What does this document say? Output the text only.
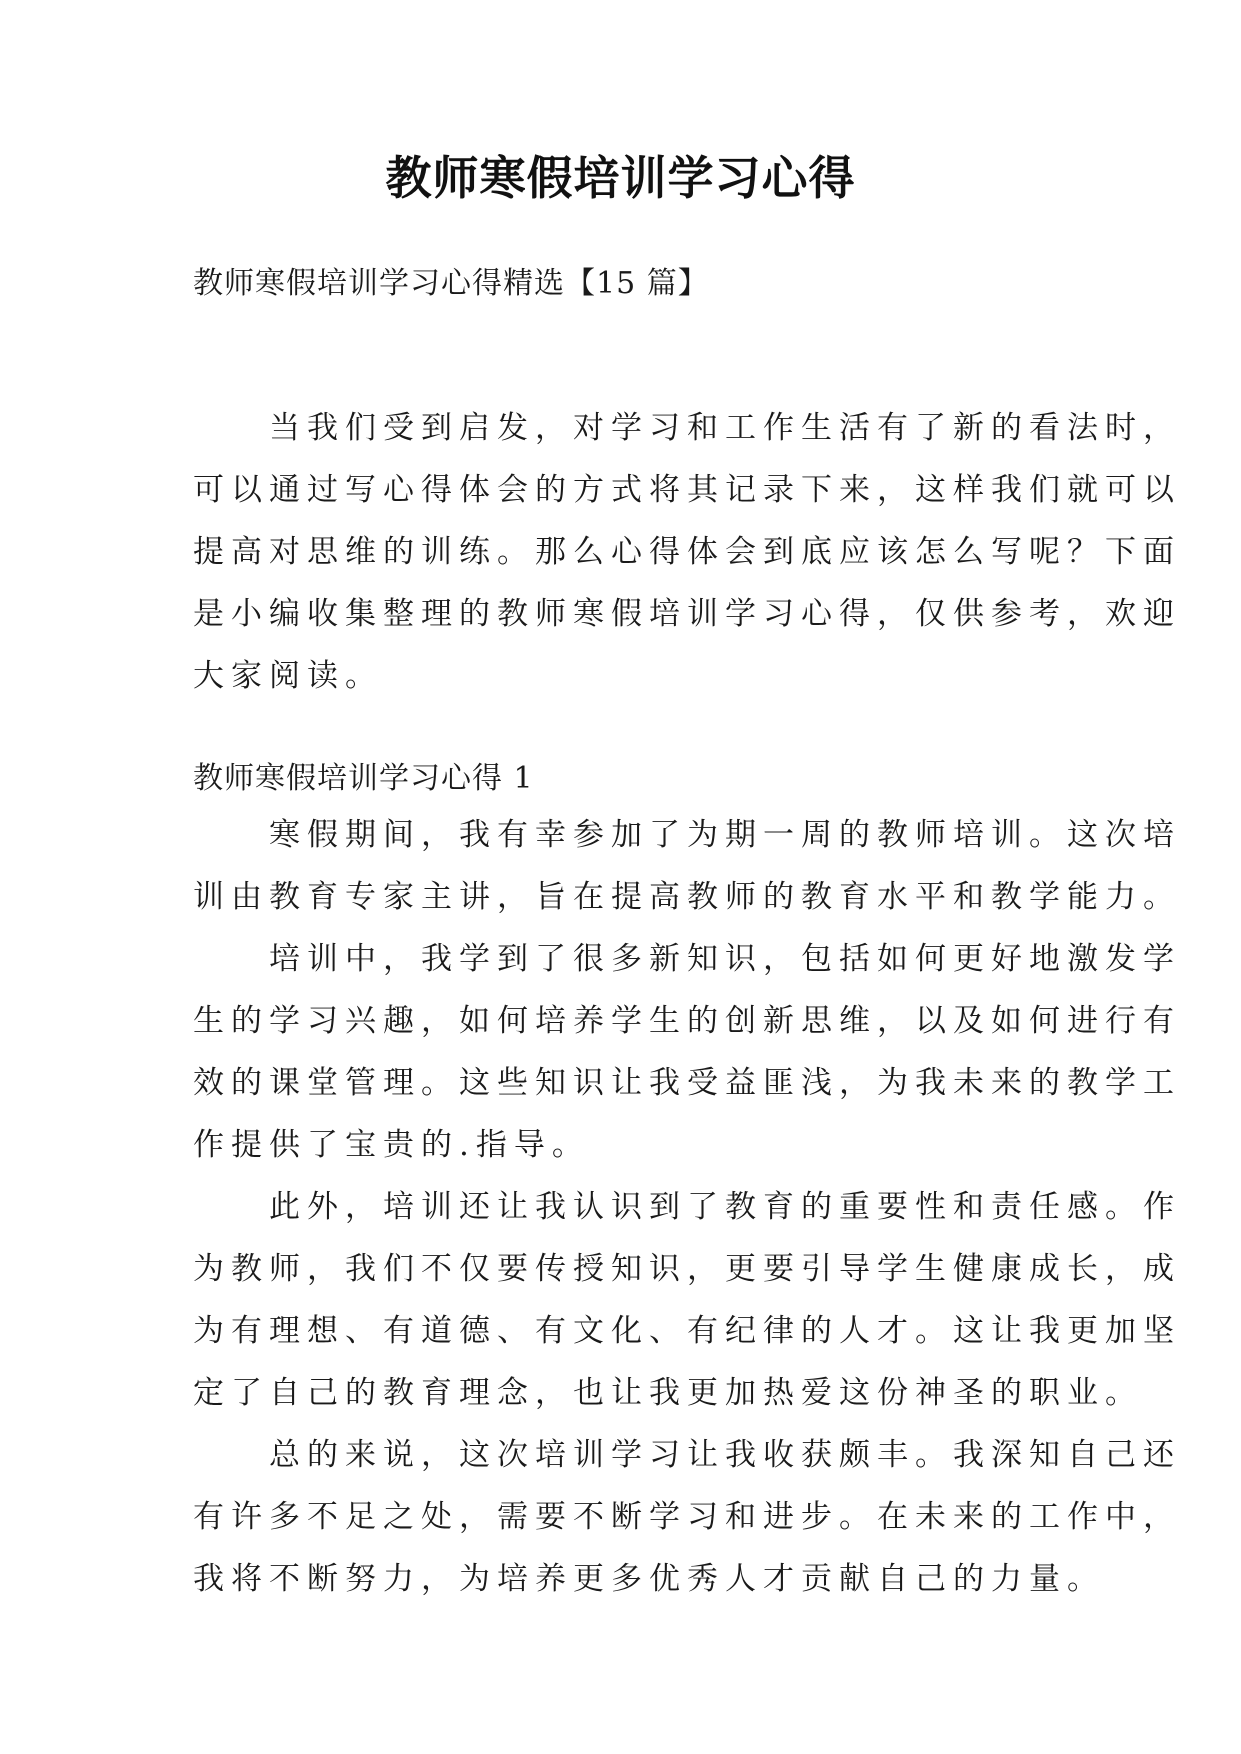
教师寒假培训学习心得
教师寒假培训学习心得精选【15 篇】
　　当我们受到启发，对学习和工作生活有了新的看法时，
可以通过写心得体会的方式将其记录下来，这样我们就可以
提高对思维的训练。那么心得体会到底应该怎么写呢？下面
是小编收集整理的教师寒假培训学习心得，仅供参考，欢迎
大家阅读。
教师寒假培训学习心得 1
　　寒假期间，我有幸参加了为期一周的教师培训。这次培
训由教育专家主讲，旨在提高教师的教育水平和教学能力。
　　培训中，我学到了很多新知识，包括如何更好地激发学
生的学习兴趣，如何培养学生的创新思维，以及如何进行有
效的课堂管理。这些知识让我受益匪浅，为我未来的教学工
作提供了宝贵的.指导。
　　此外，培训还让我认识到了教育的重要性和责任感。作
为教师，我们不仅要传授知识，更要引导学生健康成长，成
为有理想、有道德、有文化、有纪律的人才。这让我更加坚
定了自己的教育理念，也让我更加热爱这份神圣的职业。
　　总的来说，这次培训学习让我收获颇丰。我深知自己还
有许多不足之处，需要不断学习和进步。在未来的工作中，
我将不断努力，为培养更多优秀人才贡献自己的力量。
